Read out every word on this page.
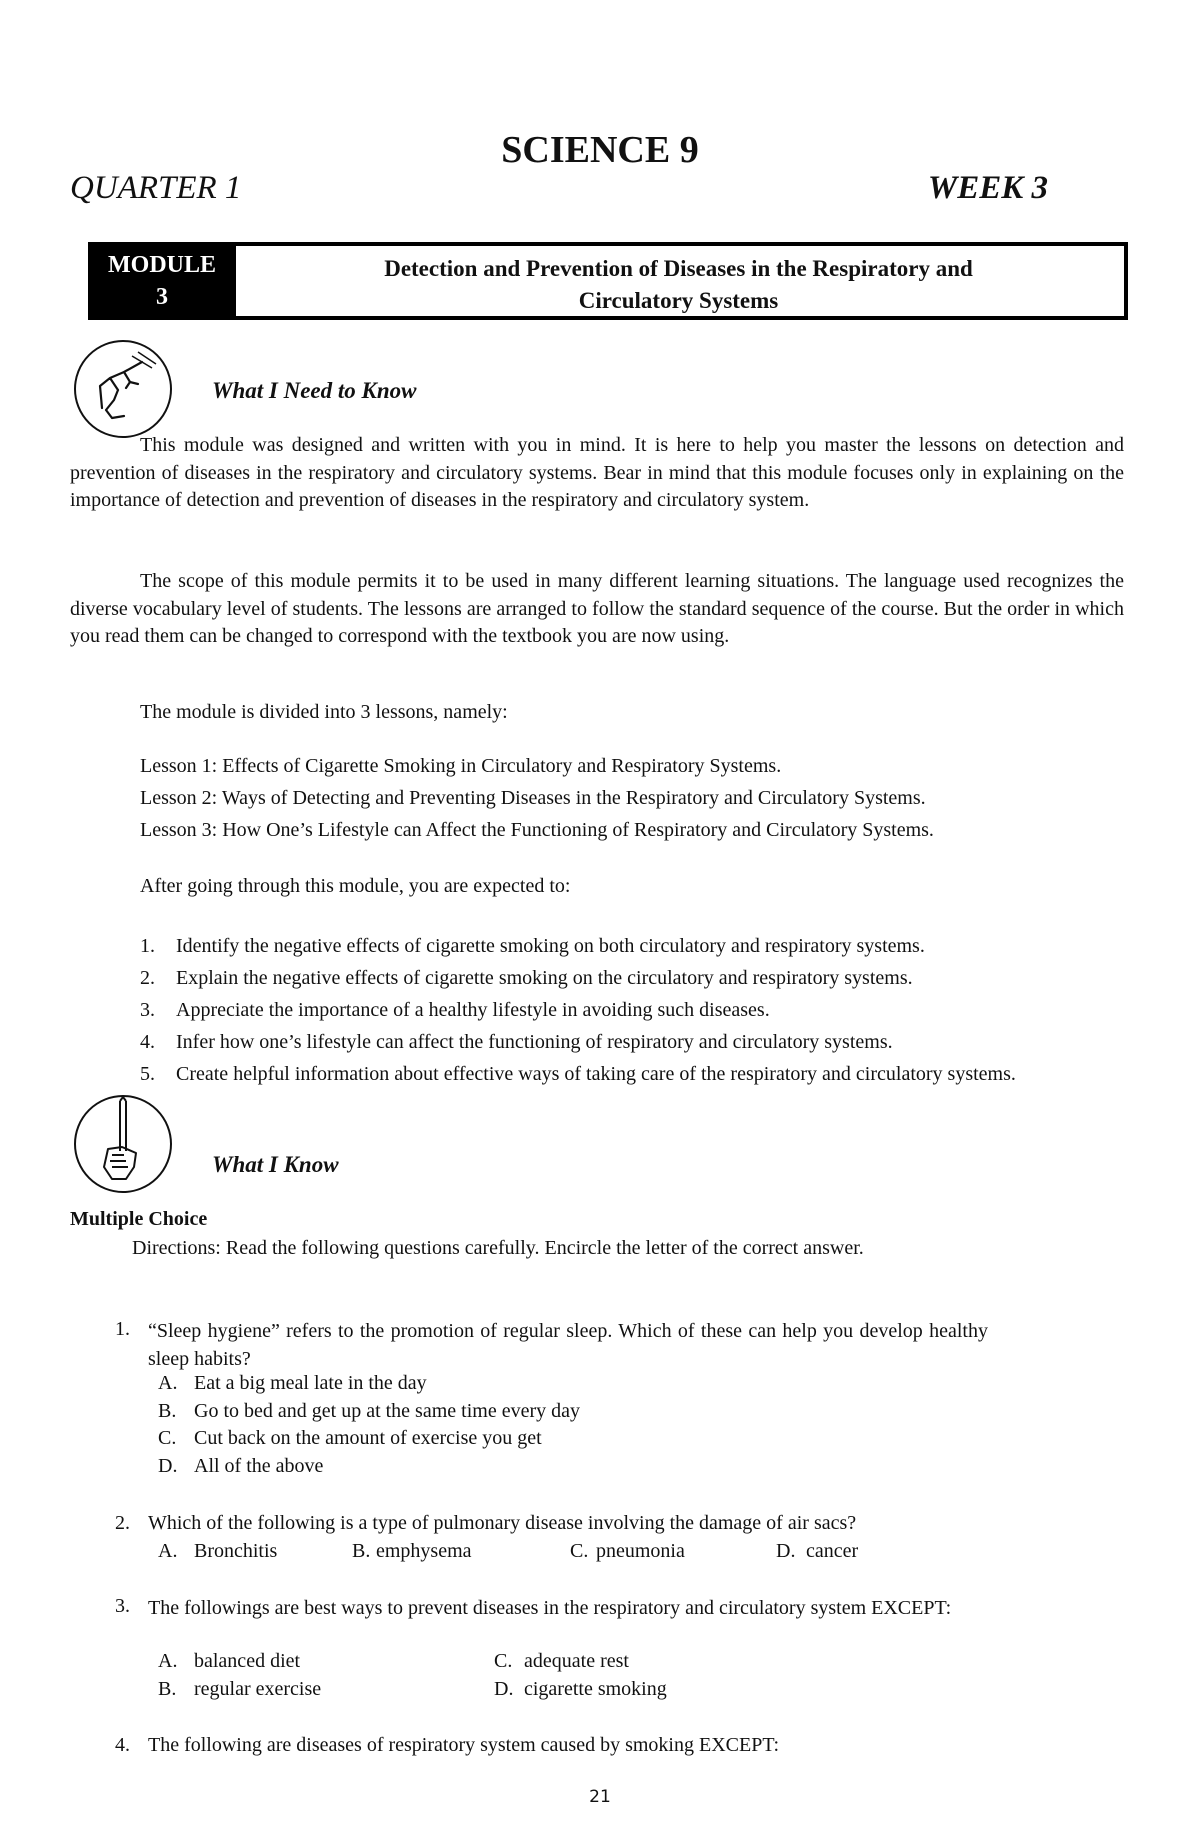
SCIENCE 9
QUARTER 1	WEEK 3
MODULE
3
Detection and Prevention of Diseases in the Respiratory and
Circulatory Systems
What I Need to Know
This module was designed and written with you in mind. It is here to help you master the lessons on detection and prevention of diseases in the respiratory and circulatory systems. Bear in mind that this module focuses only in explaining on the importance of detection and prevention of diseases in the respiratory and circulatory system.
The scope of this module permits it to be used in many different learning situations. The language used recognizes the diverse vocabulary level of students. The lessons are arranged to follow the standard sequence of the course. But the order in which you read them can be changed to correspond with the textbook you are now using.
The module is divided into 3 lessons, namely:
Lesson 1: Effects of Cigarette Smoking in Circulatory and Respiratory Systems.
Lesson 2: Ways of Detecting and Preventing Diseases in the Respiratory and Circulatory Systems.
Lesson 3: How One’s Lifestyle can Affect the Functioning of Respiratory and Circulatory Systems.
After going through this module, you are expected to:
1. Identify the negative effects of cigarette smoking on both circulatory and respiratory systems.
2. Explain the negative effects of cigarette smoking on the circulatory and respiratory systems.
3. Appreciate the importance of a healthy lifestyle in avoiding such diseases.
4. Infer how one’s lifestyle can affect the functioning of respiratory and circulatory systems.
5. Create helpful information about effective ways of taking care of the respiratory and circulatory systems.
What I Know
Multiple Choice
Directions: Read the following questions carefully. Encircle the letter of the correct answer.
1. “Sleep hygiene” refers to the promotion of regular sleep. Which of these can help you develop healthy sleep habits?
A. Eat a big meal late in the day
B. Go to bed and get up at the same time every day
C. Cut back on the amount of exercise you get
D. All of the above
2. Which of the following is a type of pulmonary disease involving the damage of air sacs?
A. Bronchitis	B. emphysema	C. pneumonia	D. cancer
3. The followings are best ways to prevent diseases in the respiratory and circulatory system EXCEPT:
A. balanced diet
B. regular exercise
C. adequate rest
D. cigarette smoking
4. The following are diseases of respiratory system caused by smoking EXCEPT:
21
